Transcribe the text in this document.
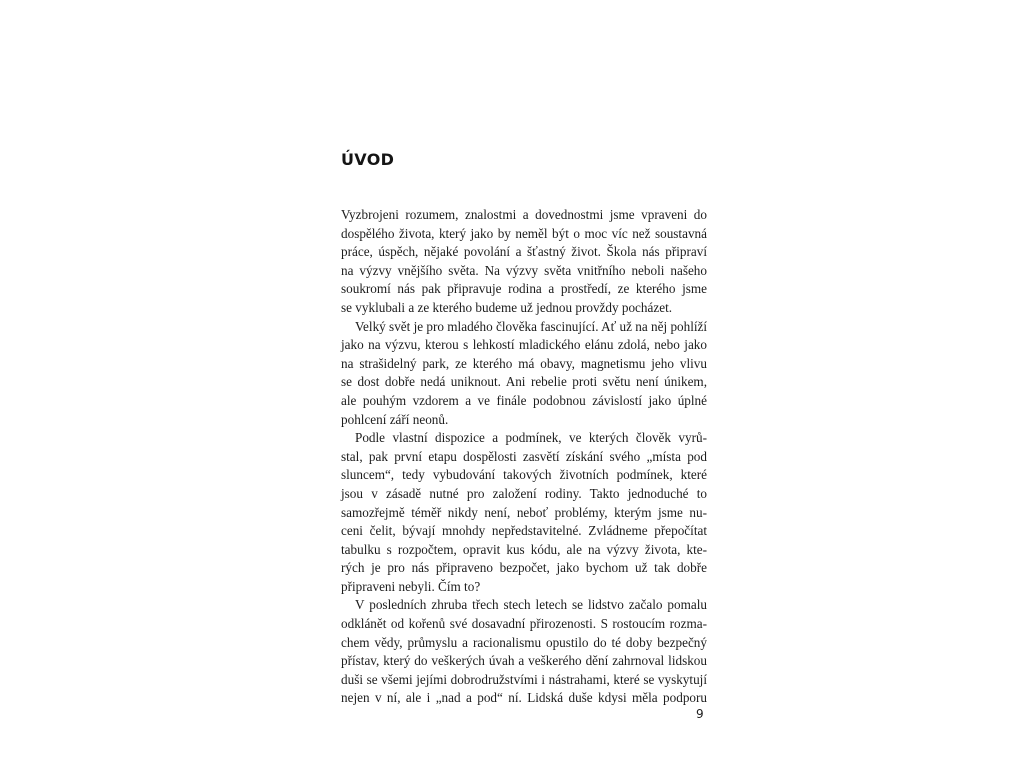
ÚVOD
Vyzbrojeni rozumem, znalostmi a dovednostmi jsme vpraveni do
dospělého života, který jako by neměl být o moc víc než soustavná
práce, úspěch, nějaké povolání a šťastný život. Škola nás připraví
na výzvy vnějšího světa. Na výzvy světa vnitřního neboli našeho
soukromí nás pak připravuje rodina a prostředí, ze kterého jsme
se vyklubali a ze kterého budeme už jednou provždy pocházet.
Velký svět je pro mladého člověka fascinující. Ať už na něj pohlíží
jako na výzvu, kterou s lehkostí mladického elánu zdolá, nebo jako
na strašidelný park, ze kterého má obavy, magnetismu jeho vlivu
se dost dobře nedá uniknout. Ani rebelie proti světu není únikem,
ale pouhým vzdorem a ve finále podobnou závislostí jako úplné
pohlcení září neonů.
Podle vlastní dispozice a podmínek, ve kterých člověk vyrů-
stal, pak první etapu dospělosti zasvětí získání svého „místa pod
sluncem“, tedy vybudování takových životních podmínek, které
jsou v zásadě nutné pro založení rodiny. Takto jednoduché to
samozřejmě téměř nikdy není, neboť problémy, kterým jsme nu-
ceni čelit, bývají mnohdy nepředstavitelné. Zvládneme přepočítat
tabulku s rozpočtem, opravit kus kódu, ale na výzvy života, kte-
rých je pro nás připraveno bezpočet, jako bychom už tak dobře
připraveni nebyli. Čím to?
V posledních zhruba třech stech letech se lidstvo začalo pomalu
odklánět od kořenů své dosavadní přirozenosti. S rostoucím rozma-
chem vědy, průmyslu a racionalismu opustilo do té doby bezpečný
přístav, který do veškerých úvah a veškerého dění zahrnoval lidskou
duši se všemi jejími dobrodružstvími i nástrahami, které se vyskytují
nejen v ní, ale i „nad a pod“ ní. Lidská duše kdysi měla podporu
9
